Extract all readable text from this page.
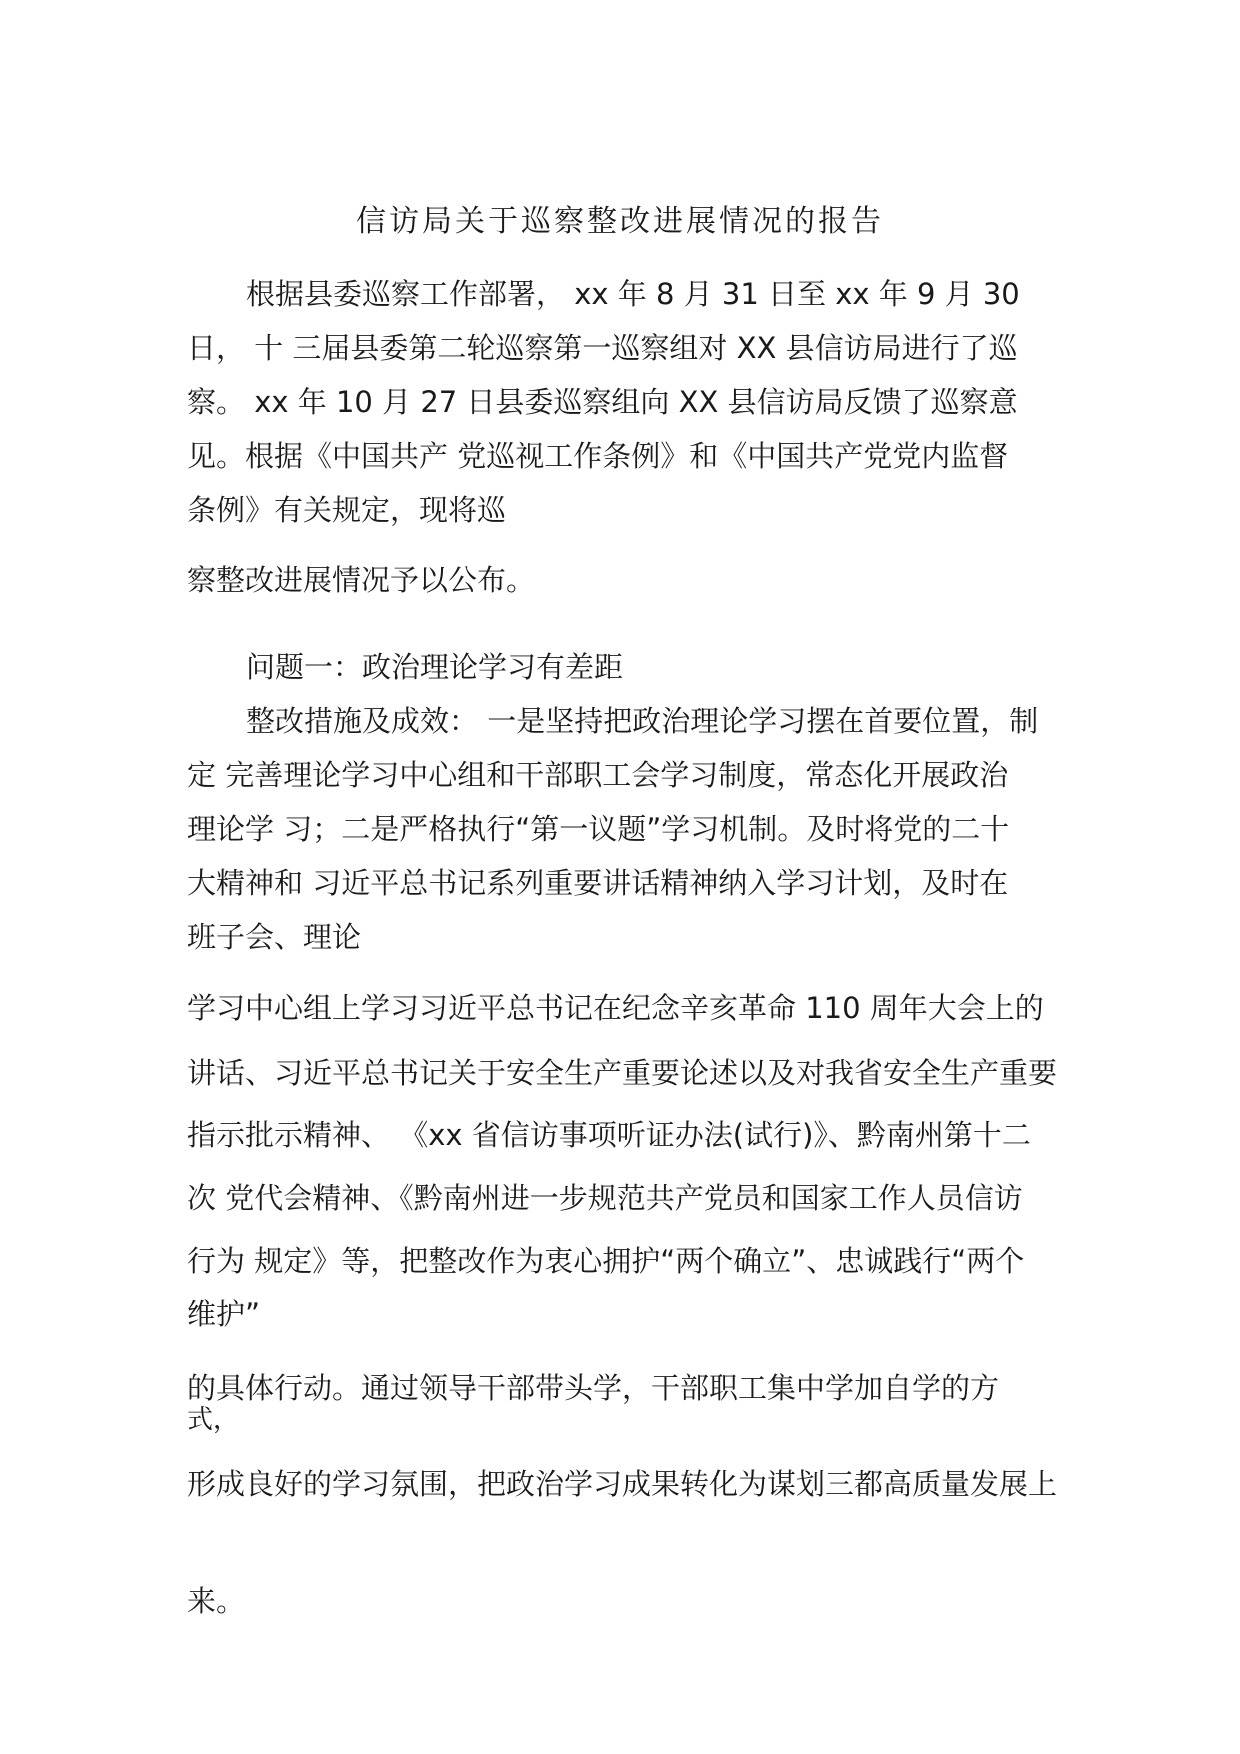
信访局关于巡察整改进展情况的报告
根据县委巡察工作部署， xx 年 8 月 31 日至 xx 年 9 月 30
日， 十 三届县委第二轮巡察第一巡察组对 XX 县信访局进行了巡
察。 xx 年 10 月 27 日县委巡察组向 XX 县信访局反馈了巡察意
见。根据《中国共产 党巡视工作条例》和《中国共产党党内监督
条例》有关规定，现将巡
察整改进展情况予以公布。
问题一：政治理论学习有差距
整改措施及成效： 一是坚持把政治理论学习摆在首要位置，制
定 完善理论学习中心组和干部职工会学习制度，常态化开展政治
理论学 习；二是严格执行“第一议题”学习机制。及时将党的二十
大精神和 习近平总书记系列重要讲话精神纳入学习计划，及时在
班子会、理论
学习中心组上学习习近平总书记在纪念辛亥革命 110 周年大会上的
讲话、习近平总书记关于安全生产重要论述以及对我省安全生产重要
指示批示精神、 《xx 省信访事项听证办法(试行)》、黔南州第十二
次 党代会精神、《黔南州进一步规范共产党员和国家工作人员信访
行为 规定》等，把整改作为衷心拥护“两个确立”、忠诚践行“两个
维护”
的具体行动。通过领导干部带头学，干部职工集中学加自学的方
式，
形成良好的学习氛围，把政治学习成果转化为谋划三都高质量发展上
来。
